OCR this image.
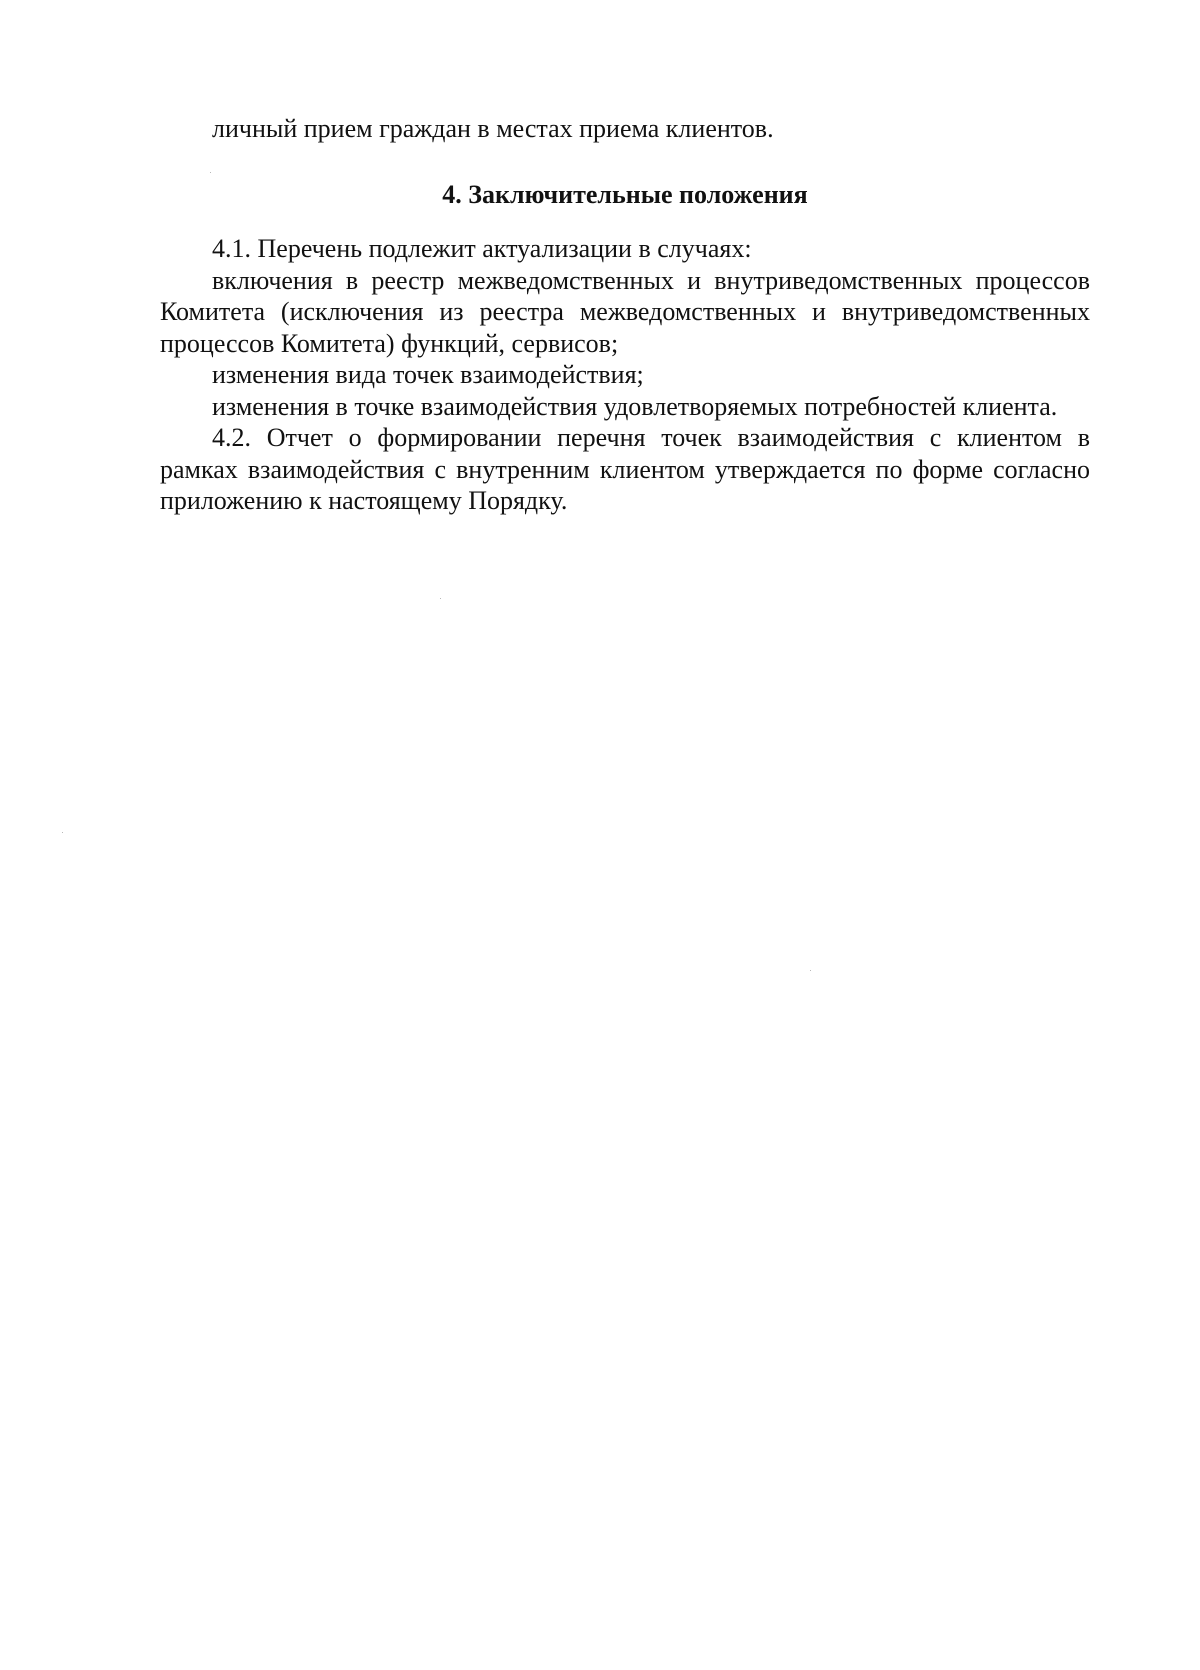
личный прием граждан в местах приема клиентов.

4. Заключительные положения

4.1. Перечень подлежит актуализации в случаях:

включения в реестр межведомственных и внутриведомственных процессов Комитета (исключения из реестра межведомственных и внутриведомственных процессов Комитета) функций, сервисов;

изменения вида точек взаимодействия;

изменения в точке взаимодействия удовлетворяемых потребностей клиента.

4.2. Отчет о формировании перечня точек взаимодействия с клиентом в рамках взаимодействия с внутренним клиентом утверждается по форме согласно приложению к настоящему Порядку.
